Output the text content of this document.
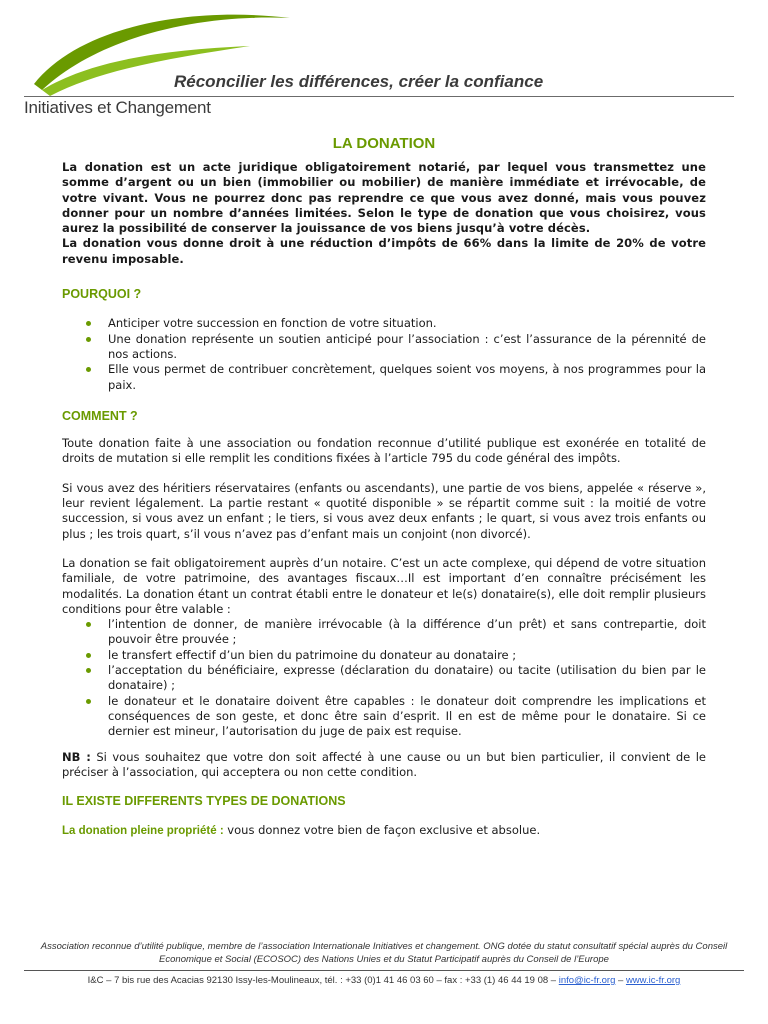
Réconcilier les différences, créer la confiance
Initiatives et Changement
LA DONATION

La donation est un acte juridique obligatoirement notarié, par lequel vous transmettez une somme d’argent ou un bien (immobilier ou mobilier) de manière immédiate et irrévocable, de votre vivant. Vous ne pourrez donc pas reprendre ce que vous avez donné, mais vous pouvez donner pour un nombre d’années limitées. Selon le type de donation que vous choisirez, vous aurez la possibilité de conserver la jouissance de vos biens jusqu’à votre décès.

La donation vous donne droit à une réduction d’impôts de 66% dans la limite de 20% de votre revenu imposable.

POURQUOI ?

Anticiper votre succession en fonction de votre situation.
Une donation représente un soutien anticipé pour l’association : c’est l’assurance de la pérennité de nos actions.
Elle vous permet de contribuer concrètement, quelques soient vos moyens, à nos programmes pour la paix.

COMMENT ?

Toute donation faite à une association ou fondation reconnue d’utilité publique est exonérée en totalité de droits de mutation si elle remplit les conditions fixées à l’article 795 du code général des impôts.

Si vous avez des héritiers réservataires (enfants ou ascendants), une partie de vos biens, appelée « réserve », leur revient légalement. La partie restant « quotité disponible » se répartit comme suit : la moitié de votre succession, si vous avez un enfant ; le tiers, si vous avez deux enfants ; le quart, si vous avez trois enfants ou plus ; les trois quart, s’il vous n’avez pas d’enfant mais un conjoint (non divorcé).

La donation se fait obligatoirement auprès d’un notaire. C’est un acte complexe, qui dépend de votre situation familiale, de votre patrimoine, des avantages fiscaux…Il est important d’en connaître précisément les modalités. La donation étant un contrat établi entre le donateur et le(s) donataire(s), elle doit remplir plusieurs conditions pour être valable :

l’intention de donner, de manière irrévocable (à la différence d’un prêt) et sans contrepartie, doit pouvoir être prouvée ;
le transfert effectif d’un bien du patrimoine du donateur au donataire ;
l’acceptation du bénéficiaire, expresse (déclaration du donataire) ou tacite (utilisation du bien par le donataire) ;
le donateur et le donataire doivent être capables : le donateur doit comprendre les implications et conséquences de son geste, et donc être sain d’esprit. Il en est de même pour le donataire. Si ce dernier est mineur, l’autorisation du juge de paix est requise.

NB : Si vous souhaitez que votre don soit affecté à une cause ou un but bien particulier, il convient de le préciser à l’association, qui acceptera ou non cette condition.

IL EXISTE DIFFERENTS TYPES DE DONATIONS

La donation pleine propriété : vous donnez votre bien de façon exclusive et absolue.

Association reconnue d’utilité publique, membre de l’association Internationale Initiatives et changement. ONG dotée du statut consultatif spécial auprès du Conseil Economique et Social (ECOSOC) des Nations Unies et du Statut Participatif auprès du Conseil de l’Europe
I&C – 7 bis rue des Acacias 92130 Issy-les-Moulineaux, tél. : +33 (0)1 41 46 03 60 – fax : +33 (1) 46 44 19 08 – info@ic-fr.org – www.ic-fr.org
